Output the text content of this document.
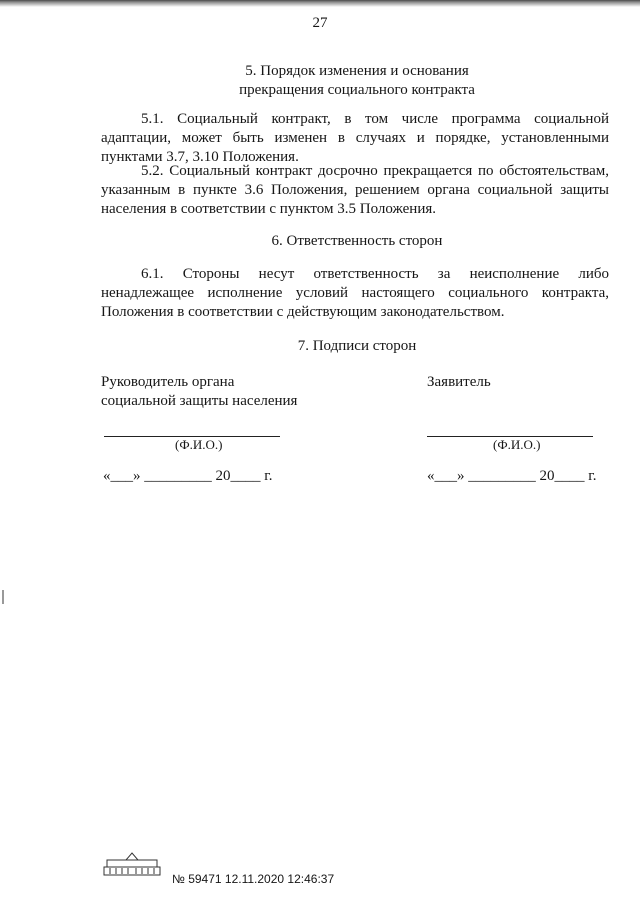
27
5. Порядок изменения и основания
прекращения социального контракта
5.1. Социальный контракт, в том числе программа социальной адаптации, может быть изменен в случаях и порядке, установленными пунктами 3.7, 3.10 Положения.
5.2. Социальный контракт досрочно прекращается по обстоятельствам, указанным в пункте 3.6 Положения, решением органа социальной защиты населения в соответствии с пунктом 3.5 Положения.
6. Ответственность сторон
6.1. Стороны несут ответственность за неисполнение либо ненадлежащее исполнение условий настоящего социального контракта, Положения в соответствии с действующим законодательством.
7. Подписи сторон
Руководитель органа социальной защиты населения
Заявитель
(Ф.И.О.)	(Ф.И.О.)
«___» _________ 20____ г.	«___» _________ 20____ г.
№ 59471 12.11.2020 12:46:37
